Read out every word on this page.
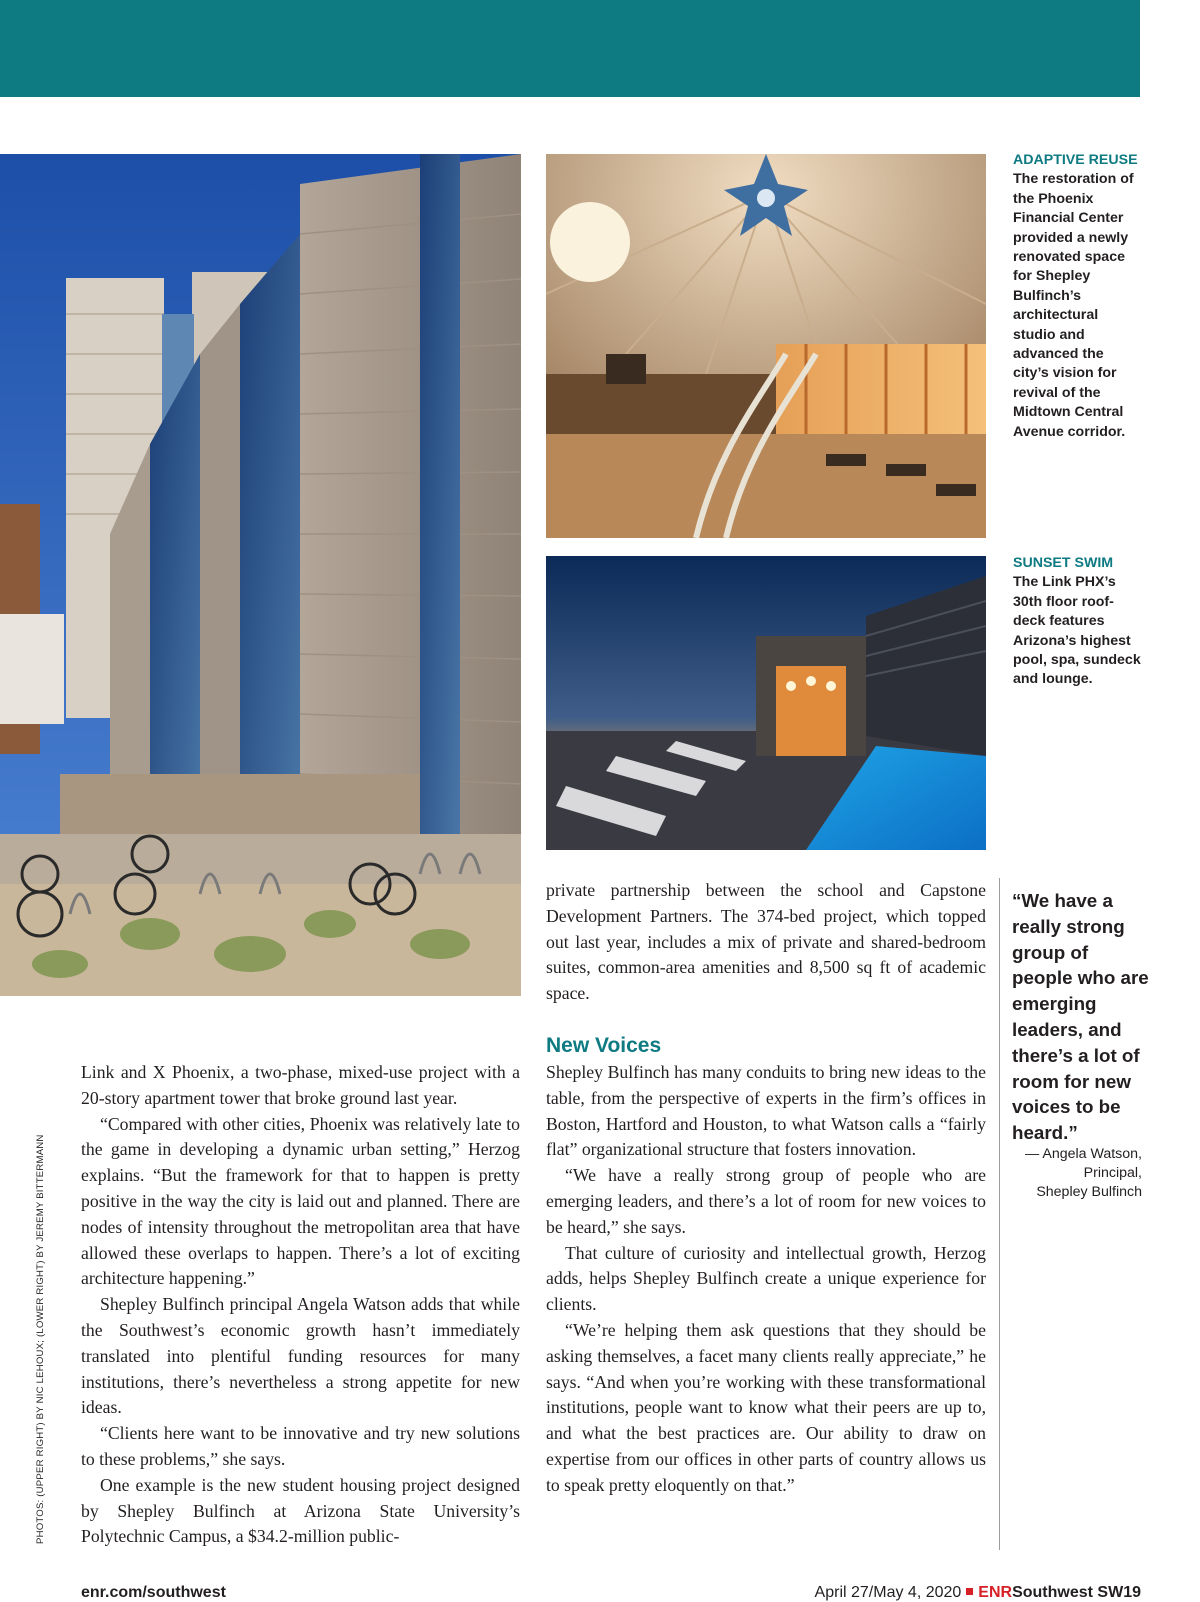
ADAPTIVE REUSE
The restoration of the Phoenix Financial Center provided a newly renovated space for Shepley Bulfinch’s architectural studio and advanced the city’s vision for revival of the Midtown Central Avenue corridor.
SUNSET SWIM
The Link PHX’s 30th floor roof-deck features Arizona’s highest pool, spa, sundeck and lounge.
“We have a really strong group of people who are emerging leaders, and there’s a lot of room for new voices to be heard.”
— Angela Watson,
Principal,
Shepley Bulfinch

Link and X Phoenix, a two-phase, mixed-use project with a 20-story apartment tower that broke ground last year.

“Compared with other cities, Phoenix was relatively late to the game in developing a dynamic urban setting,” Herzog explains. “But the framework for that to happen is pretty positive in the way the city is laid out and planned. There are nodes of intensity throughout the metropolitan area that have allowed these overlaps to happen. There’s a lot of exciting architecture happening.”

Shepley Bulfinch principal Angela Watson adds that while the Southwest’s economic growth hasn’t immediately translated into plentiful funding resources for many institutions, there’s nevertheless a strong appetite for new ideas.

“Clients here want to be innovative and try new solutions to these problems,” she says.

One example is the new student housing project designed by Shepley Bulfinch at Arizona State University’s Polytechnic Campus, a $34.2-million public-

private partnership between the school and Capstone Development Partners. The 374-bed project, which topped out last year, includes a mix of private and shared-bedroom suites, common-area amenities and 8,500 sq ft of academic space.

New Voices

Shepley Bulfinch has many conduits to bring new ideas to the table, from the perspective of experts in the firm’s offices in Boston, Hartford and Houston, to what Watson calls a “fairly flat” organizational structure that fosters innovation.

“We have a really strong group of people who are emerging leaders, and there’s a lot of room for new voices to be heard,” she says.

That culture of curiosity and intellectual growth, Herzog adds, helps Shepley Bulfinch create a unique experience for clients.

“We’re helping them ask questions that they should be asking themselves, a facet many clients really appreciate,” he says. “And when you’re working with these transformational institutions, people want to know what their peers are up to, and what the best practices are. Our ability to draw on expertise from our offices in other parts of country allows us to speak pretty eloquently on that.”

PHOTOS: (UPPER RIGHT) BY NIC LEHOUX; (LOWER RIGHT) BY JEREMY BITTERMANN
enr.com/southwest	April 27/May 4, 2020 ENRSouthwest SW19
